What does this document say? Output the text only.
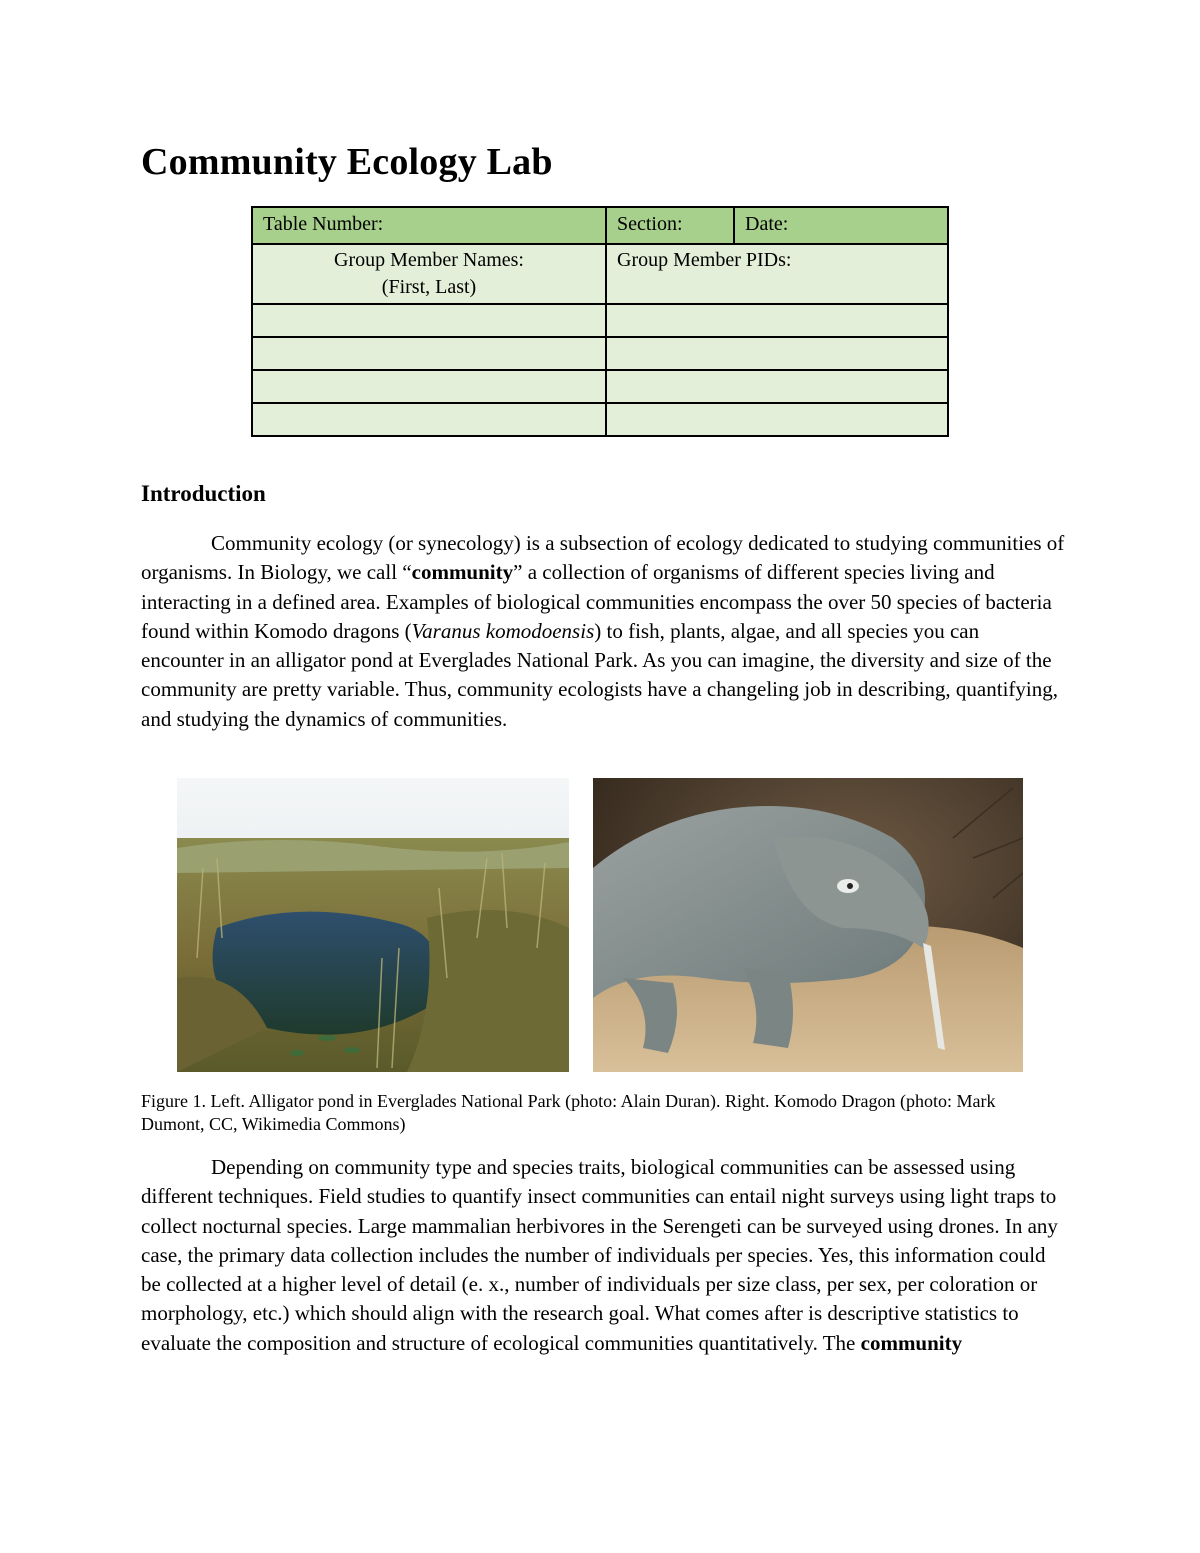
Community Ecology Lab
Table Number:	Section:	Date:
Group Member Names:
(First, Last)	Group Member PIDs:	

Introduction

Community ecology (or synecology) is a subsection of ecology dedicated to studying communities of organisms. In Biology, we call “community” a collection of organisms of different species living and interacting in a defined area. Examples of biological communities encompass the over 50 species of bacteria found within Komodo dragons (Varanus komodoensis) to fish, plants, algae, and all species you can encounter in an alligator pond at Everglades National Park. As you can imagine, the diversity and size of the community are pretty variable. Thus, community ecologists have a changeling job in describing, quantifying, and studying the dynamics of communities.

Figure 1. Left. Alligator pond in Everglades National Park (photo: Alain Duran). Right. Komodo Dragon (photo: Mark Dumont, CC, Wikimedia Commons)

Depending on community type and species traits, biological communities can be assessed using different techniques. Field studies to quantify insect communities can entail night surveys using light traps to collect nocturnal species. Large mammalian herbivores in the Serengeti can be surveyed using drones. In any case, the primary data collection includes the number of individuals per species. Yes, this information could be collected at a higher level of detail (e. x., number of individuals per size class, per sex, per coloration or morphology, etc.) which should align with the research goal. What comes after is descriptive statistics to evaluate the composition and structure of ecological communities quantitatively. The community
